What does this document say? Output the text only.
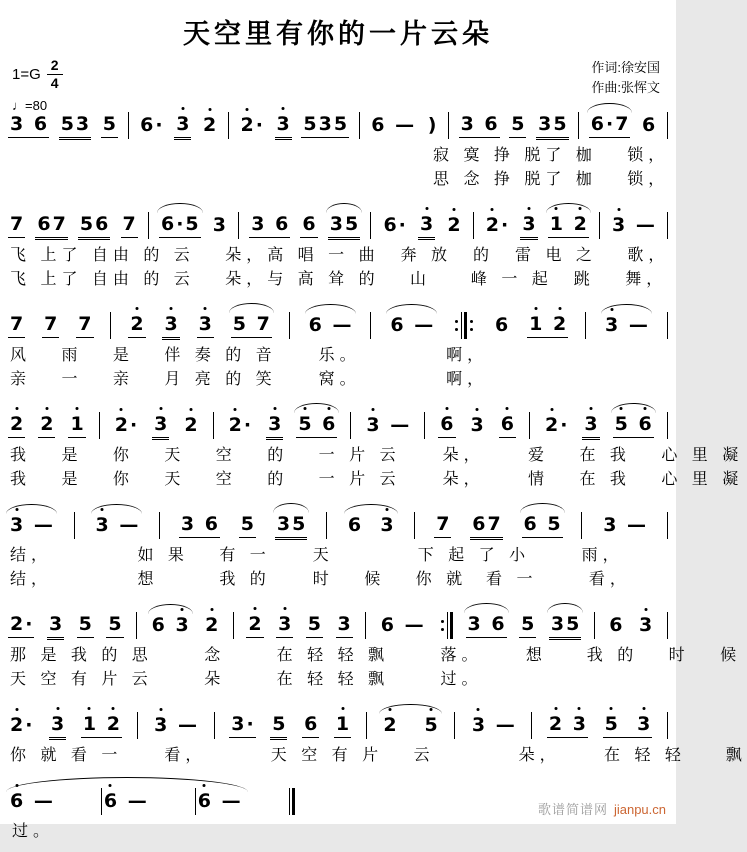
天空里有你的一片云朵
$1=G \frac{2}{4}$
♩=80
作词:徐安国
作曲:张恽文
3
6 5 3 5 6 · 3 2 2 · 3 5 3 5 6
— ) 3
6 5 3 5 6 · 7 6
寂 寞 挣 脱了 枷　 锁，
思 念 挣 脱了 枷　 锁，
7 6 7 5 6 7 6 · 5 3 3
6 6 3 5 6 · 3 2 2 · 3 1
2 3
—
飞 上了 自由 的 云　 朵，高 唱 一 曲　奔 放　的　雷 电 之　 歌，
飞 上了 自由 的 云　 朵，与 高 耸 的　 山　  峰 一 起　跳　 舞，
7 7 7 2 3 3 5
7 6
— 6
—	6 1
2 3
—
风　 雨　 是　 伴 奏 的 音　　乐。　　　　 啊，
亲　 一　 亲　 月 亮 的 笑　　窝。　　　　 啊，
2 2 1 2 · 3 2 2 · 3 5
6 3
— 6 3 6 2 · 3 5
6
我　 是　 你　 天　 空　 的　 一 片 云　　朵，　　 爱　 在 我　 心 里 凝
我　 是　 你　 天　 空　 的　 一 片 云　　朵，　　 情　 在 我　 心 里 凝
3
— 3
— 3
6 5 3 5 6

3 7 6 7 6
5 3
—
结，　　　　 如 果　 有 一　　天　　　　下 起 了 小　　 雨，
结，　　　　 想　　  我 的　　时　 候　 你 就  看 一　　 看，
2 · 3 5 5 6
3 2 2 3 5 3 6
— 3
6 5 3 5 6 3
那 是 我 的 思　　 念　　 在 轻 轻 飘　　 落。　　 想　  我 的　 时　 候
天 空 有 片 云　　 朵　　 在 轻 轻 飘　　 过。
2 · 3 1
2 3
— 3 · 5 6 1 2

5 3
— 2
3 5

3
你 就 看 一　　看，　　　 天 空 有 片　 云　　　　朵，　　 在 轻 轻　  飘
6
—	6
—	6
—
过。
歌谱简谱网 jianpu.cn
